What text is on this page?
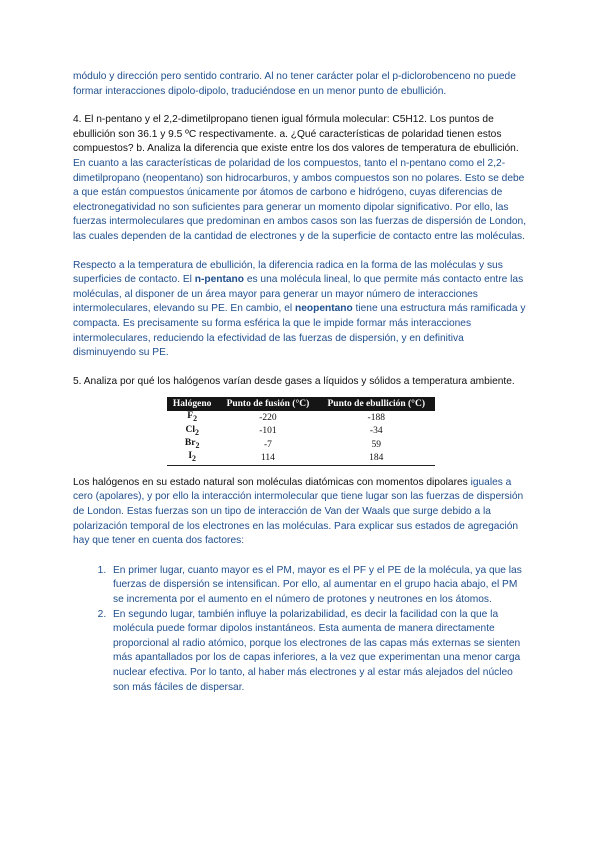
módulo y dirección pero sentido contrario. Al no tener carácter polar el p-diclorobenceno no puede formar interacciones dipolo-dipolo, traduciéndose en un menor punto de ebullición.

4. El n-pentano y el 2,2-dimetilpropano tienen igual fórmula molecular: C5H12. Los puntos de ebullición son 36.1 y 9.5 ºC respectivamente. a. ¿Qué características de polaridad tienen estos compuestos? b. Analiza la diferencia que existe entre los dos valores de temperatura de ebullición.

En cuanto a las características de polaridad de los compuestos, tanto el n-pentano como el 2,2-dimetilpropano (neopentano) son hidrocarburos, y ambos compuestos son no polares. Esto se debe a que están compuestos únicamente por átomos de carbono e hidrógeno, cuyas diferencias de electronegatividad no son suficientes para generar un momento dipolar significativo. Por ello, las fuerzas intermoleculares que predominan en ambos casos son las fuerzas de dispersión de London, las cuales dependen de la cantidad de electrones y de la superficie de contacto entre las moléculas.

Respecto a la temperatura de ebullición, la diferencia radica en la forma de las moléculas y sus superficies de contacto. El n-pentano es una molécula lineal, lo que permite más contacto entre las moléculas, al disponer de un área mayor para generar un mayor número de interacciones intermoleculares, elevando su PE. En cambio, el neopentano tiene una estructura más ramificada y compacta. Es precisamente su forma esférica la que le impide formar más interacciones intermoleculares, reduciendo la efectividad de las fuerzas de dispersión, y en definitiva disminuyendo su PE.

5. Analiza por qué los halógenos varían desde gases a líquidos y sólidos a temperatura ambiente.

Halógeno	Punto de fusión (°C)	Punto de ebullición (°C)
$F_2$	-220	-188
$Cl_2$	-101	-34
$Br_2$	-7	59
$I_2$	114	184

Los halógenos en su estado natural son moléculas diatómicas con momentos dipolares iguales a cero (apolares), y por ello la interacción intermolecular que tiene lugar son las fuerzas de dispersión de London. Estas fuerzas son un tipo de interacción de Van der Waals que surge debido a la polarización temporal de los electrones en las moléculas. Para explicar sus estados de agregación hay que tener en cuenta dos factores:

1. En primer lugar, cuanto mayor es el PM, mayor es el PF y el PE de la molécula, ya que las fuerzas de dispersión se intensifican. Por ello, al aumentar en el grupo hacia abajo, el PM se incrementa por el aumento en el número de protones y neutrones en los átomos.
2. En segundo lugar, también influye la polarizabilidad, es decir la facilidad con la que la molécula puede formar dipolos instantáneos. Esta aumenta de manera directamente proporcional al radio atómico, porque los electrones de las capas más externas se sienten más apantallados por los de capas inferiores, a la vez que experimentan una menor carga nuclear efectiva. Por lo tanto, al haber más electrones y al estar más alejados del núcleo son más fáciles de dispersar.
